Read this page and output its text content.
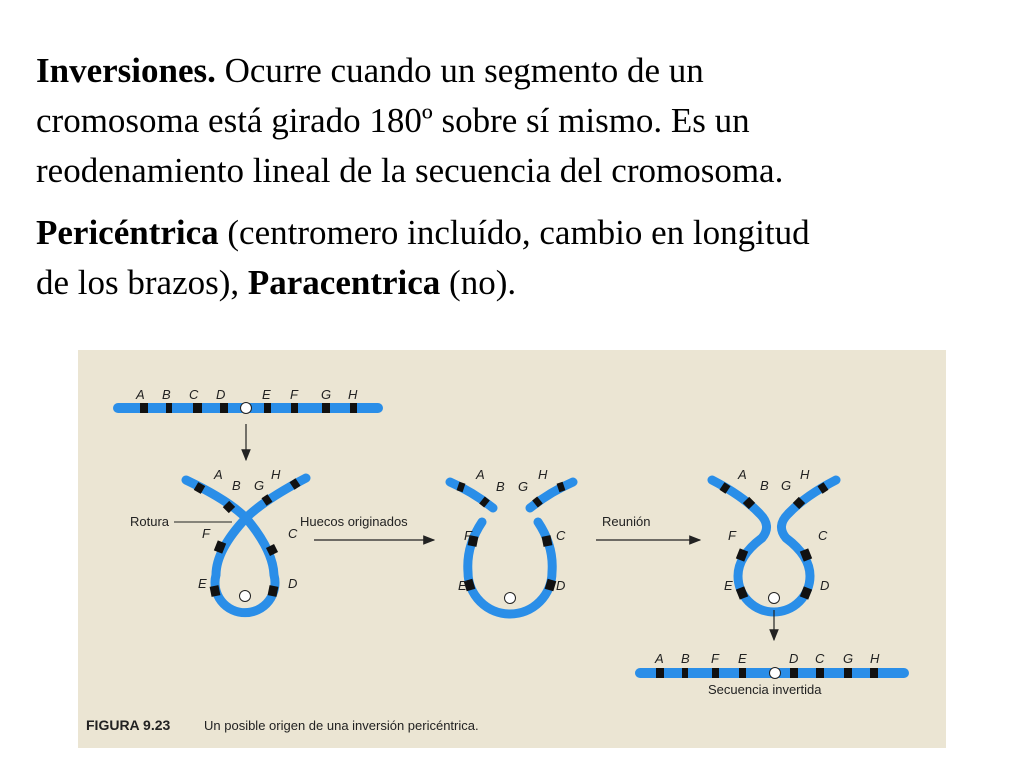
Inversiones. Ocurre cuando un segmento de un
cromosoma está girado 180º sobre sí mismo. Es un
reodenamiento lineal de la secuencia del cromosoma.

Pericéntrica (centromero incluído, cambio en longitud
de los brazos), Paracentrica (no).

A B C D	E F G H
A
B G
H
F	C
E	D
Rotura	Huecos originados
A
B G
H
F	C
E	D
Reunión
A
B G
H
F	C
E	D
A B F E	D C G H
Secuencia invertida
FIGURA 9.23	Un posible origen de una inversión pericéntrica.
